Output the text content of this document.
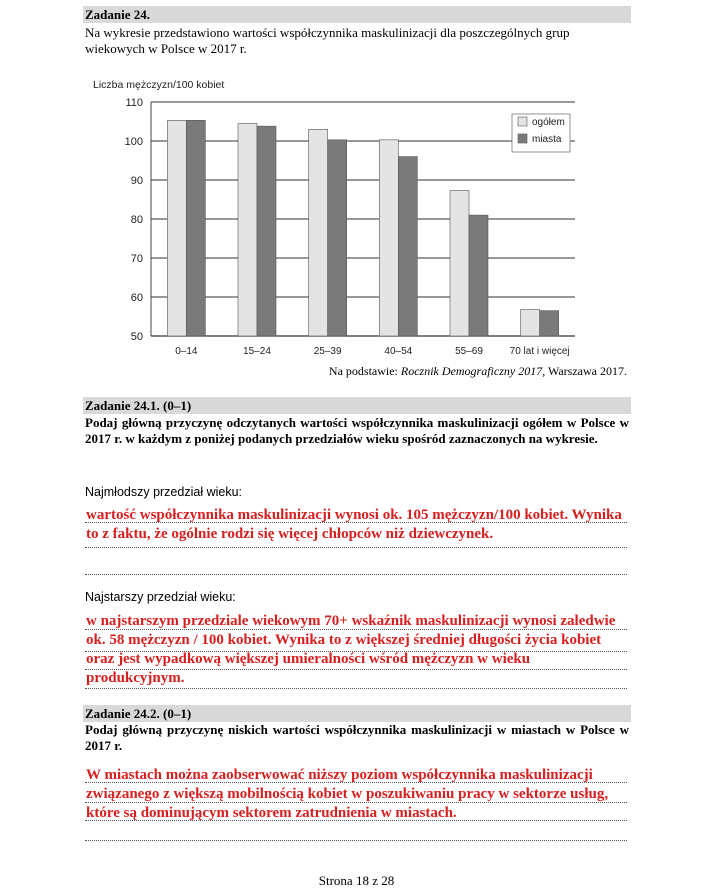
Zadanie 24.
Na wykresie przedstawiono wartości współczynnika maskulinizacji dla poszczególnych grup wiekowych w Polsce w 2017 r.
50
60
70
80
90
100
110
0–14	15–24	25–39	40–54	55–69	70 lat i więcej
ogółem
miasta
Liczba mężczyzn/100 kobiet
Na podstawie: Rocznik Demograficzny 2017, Warszawa 2017.
Zadanie 24.1. (0–1)
Podaj główną przyczynę odczytanych wartości współczynnika maskulinizacji ogółem w Polsce w 2017 r. w każdym z poniżej podanych przedziałów wieku spośród zaznaczonych na wykresie.
Najmłodszy przedział wieku:
wartość współczynnika maskulinizacji wynosi ok. 105 mężczyzn/100 kobiet. Wynika to z faktu, że ogólnie rodzi się więcej chłopców niż dziewczynek.
Najstarszy przedział wieku:
w najstarszym przedziale wiekowym 70+ wskaźnik maskulinizacji wynosi zaledwie ok. 58 mężczyzn / 100 kobiet. Wynika to z większej średniej długości życia kobiet oraz jest wypadkową większej umieralności wśród mężczyzn w wieku produkcyjnym.
Zadanie 24.2. (0–1)
Podaj główną przyczynę niskich wartości współczynnika maskulinizacji w miastach w Polsce w 2017 r.
W miastach można zaobserwować niższy poziom współczynnika maskulinizacji związanego z większą mobilnością kobiet w poszukiwaniu pracy w sektorze usług, które są dominującym sektorem zatrudnienia w miastach.
Strona 18 z 28
